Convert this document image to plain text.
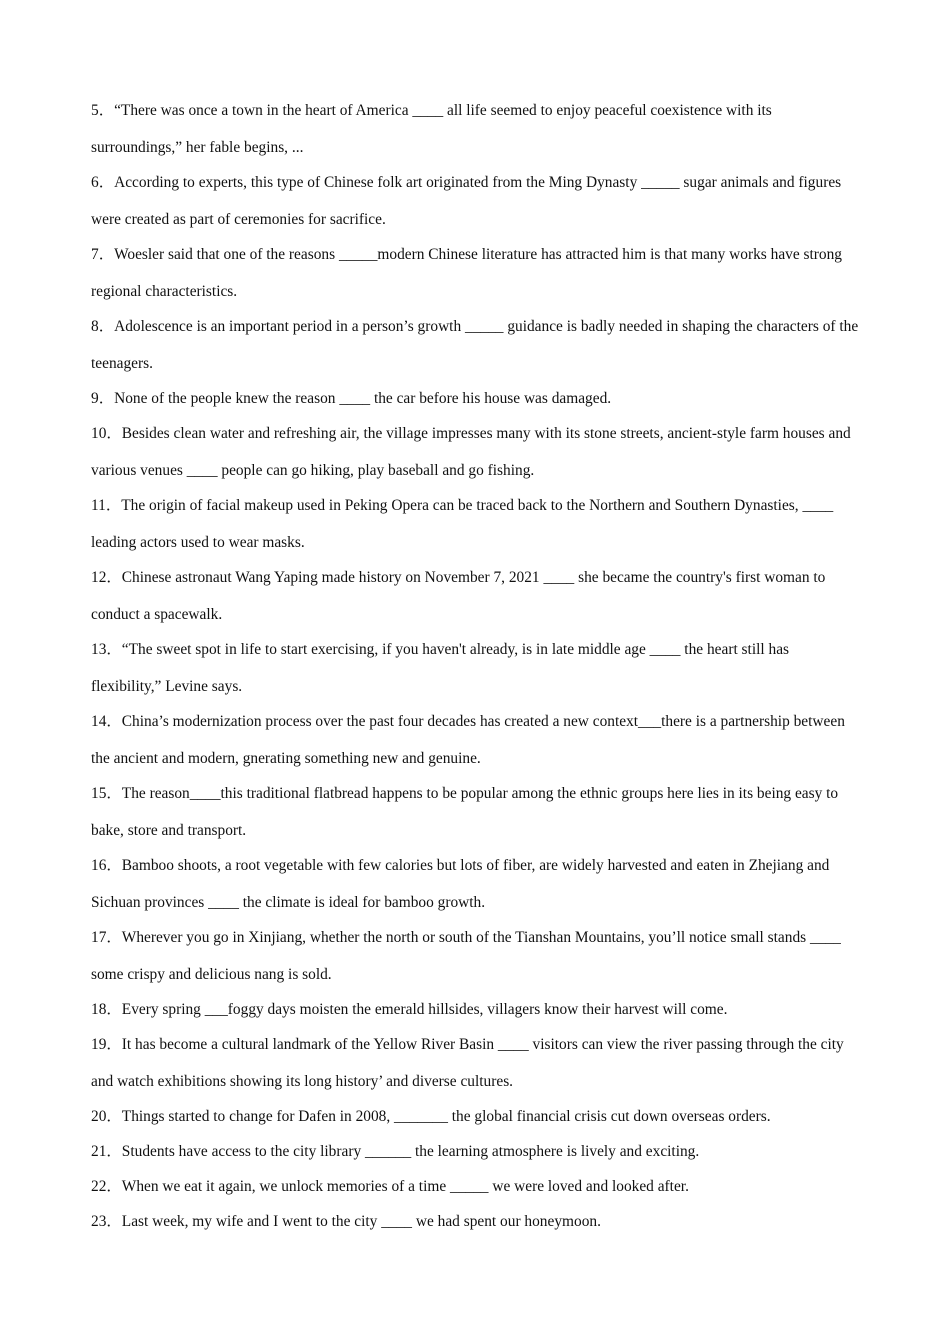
5．“There was once a town in the heart of America ____ all life seemed to enjoy peaceful coexistence with its surroundings,” her fable begins, ...

6．According to experts, this type of Chinese folk art originated from the Ming Dynasty _____ sugar animals and figures were created as part of ceremonies for sacrifice.

7．Woesler said that one of the reasons _____modern Chinese literature has attracted him is that many works have strong regional characteristics.

8．Adolescence is an important period in a person’s growth _____ guidance is badly needed in shaping the characters of the teenagers.

9．None of the people knew the reason ____ the car before his house was damaged.

10．Besides clean water and refreshing air, the village impresses many with its stone streets, ancient-style farm houses and various venues ____ people can go hiking, play baseball and go fishing.

11．The origin of facial makeup used in Peking Opera can be traced back to the Northern and Southern Dynasties, ____ leading actors used to wear masks.

12．Chinese astronaut Wang Yaping made history on November 7, 2021 ____ she became the country's first woman to conduct a spacewalk.

13．“The sweet spot in life to start exercising, if you haven't already, is in late middle age ____ the heart still has flexibility,” Levine says.

14．China’s modernization process over the past four decades has created a new context___there is a partnership between the ancient and modern, gnerating something new and genuine.

15．The reason____this traditional flatbread happens to be popular among the ethnic groups here lies in its being easy to bake, store and transport.

16．Bamboo shoots, a root vegetable with few calories but lots of fiber, are widely harvested and eaten in Zhejiang and Sichuan provinces ____ the climate is ideal for bamboo growth.

17．Wherever you go in Xinjiang, whether the north or south of the Tianshan Mountains, you’ll notice small stands ____ some crispy and delicious nang is sold.

18．Every spring ___foggy days moisten the emerald hillsides, villagers know their harvest will come.

19．It has become a cultural landmark of the Yellow River Basin ____ visitors can view the river passing through the city and watch exhibitions showing its long history’ and diverse cultures.

20．Things started to change for Dafen in 2008, _______ the global financial crisis cut down overseas orders.

21．Students have access to the city library ______ the learning atmosphere is lively and exciting.

22．When we eat it again, we unlock memories of a time _____ we were loved and looked after.

23．Last week, my wife and I went to the city ____ we had spent our honeymoon.
